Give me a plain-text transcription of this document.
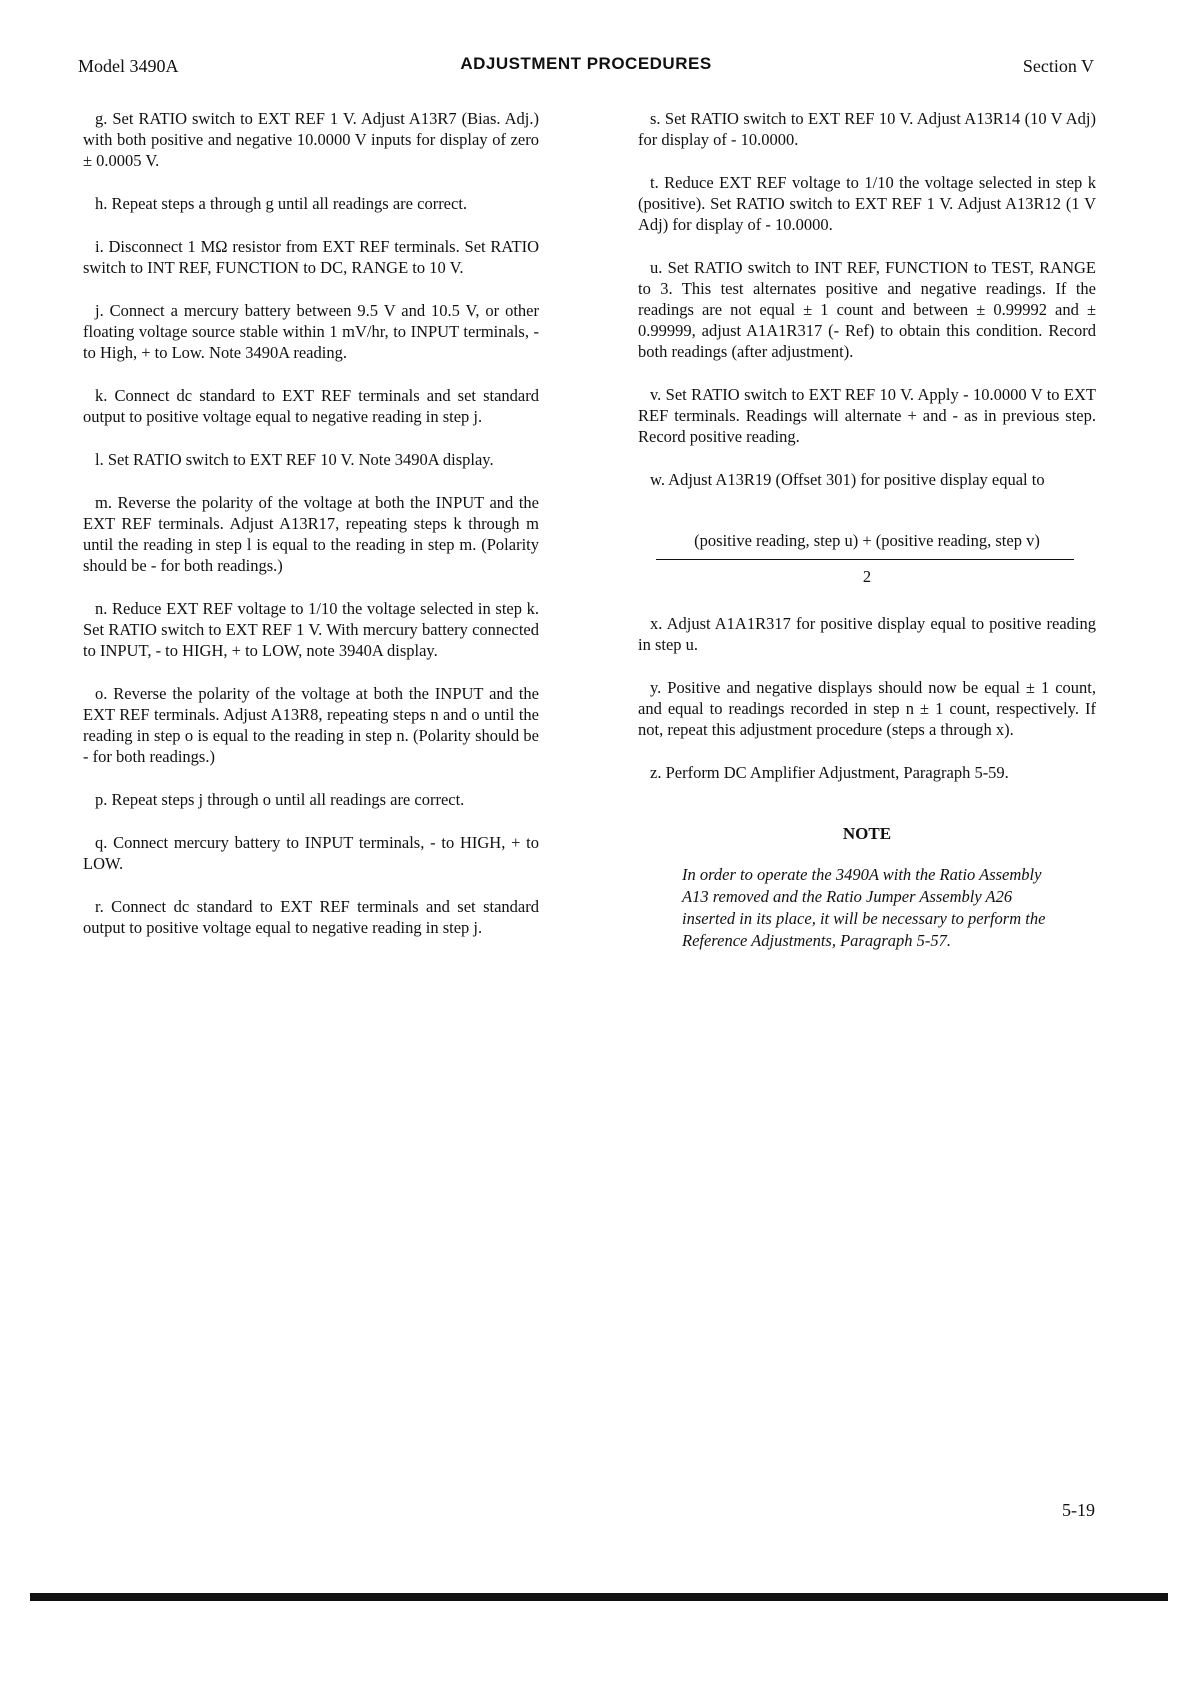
Model 3490A	ADJUSTMENT PROCEDURES	Section V

g. Set RATIO switch to EXT REF 1 V. Adjust A13R7 (Bias. Adj.) with both positive and negative 10.0000 V inputs for display of zero ± 0.0005 V.

h. Repeat steps a through g until all readings are correct.

i. Disconnect 1 MΩ resistor from EXT REF terminals. Set RATIO switch to INT REF, FUNCTION to DC, RANGE to 10 V.

j. Connect a mercury battery between 9.5 V and 10.5 V, or other floating voltage source stable within 1 mV/hr, to INPUT terminals, - to High, + to Low. Note 3490A reading.

k. Connect dc standard to EXT REF terminals and set standard output to positive voltage equal to negative reading in step j.

l. Set RATIO switch to EXT REF 10 V. Note 3490A display.

m. Reverse the polarity of the voltage at both the INPUT and the EXT REF terminals. Adjust A13R17, repeating steps k through m until the reading in step l is equal to the reading in step m. (Polarity should be - for both readings.)

n. Reduce EXT REF voltage to 1/10 the voltage selected in step k. Set RATIO switch to EXT REF 1 V. With mercury battery connected to INPUT, - to HIGH, + to LOW, note 3940A display.

o. Reverse the polarity of the voltage at both the INPUT and the EXT REF terminals. Adjust A13R8, repeating steps n and o until the reading in step o is equal to the reading in step n. (Polarity should be - for both readings.)

p. Repeat steps j through o until all readings are correct.

q. Connect mercury battery to INPUT terminals, - to HIGH, + to LOW.

r. Connect dc standard to EXT REF terminals and set standard output to positive voltage equal to negative reading in step j.

s. Set RATIO switch to EXT REF 10 V. Adjust A13R14 (10 V Adj) for display of - 10.0000.

t. Reduce EXT REF voltage to 1/10 the voltage selected in step k (positive). Set RATIO switch to EXT REF 1 V. Adjust A13R12 (1 V Adj) for display of - 10.0000.

u. Set RATIO switch to INT REF, FUNCTION to TEST, RANGE to 3. This test alternates positive and negative readings. If the readings are not equal ± 1 count and between ± 0.99992 and ± 0.99999, adjust A1A1R317 (- Ref) to obtain this condition. Record both readings (after adjustment).

v. Set RATIO switch to EXT REF 10 V. Apply - 10.0000 V to EXT REF terminals. Readings will alternate + and - as in previous step. Record positive reading.

w. Adjust A13R19 (Offset 301) for positive display equal to

(positive reading, step u) + (positive reading, step v)
2

x. Adjust A1A1R317 for positive display equal to positive reading in step u.

y. Positive and negative displays should now be equal ± 1 count, and equal to readings recorded in step n ± 1 count, respectively. If not, repeat this adjustment procedure (steps a through x).

z. Perform DC Amplifier Adjustment, Paragraph 5-59.

NOTE

In order to operate the 3490A with the Ratio Assembly A13 removed and the Ratio Jumper Assembly A26 inserted in its place, it will be necessary to perform the Reference Adjustments, Paragraph 5-57.

5-19
